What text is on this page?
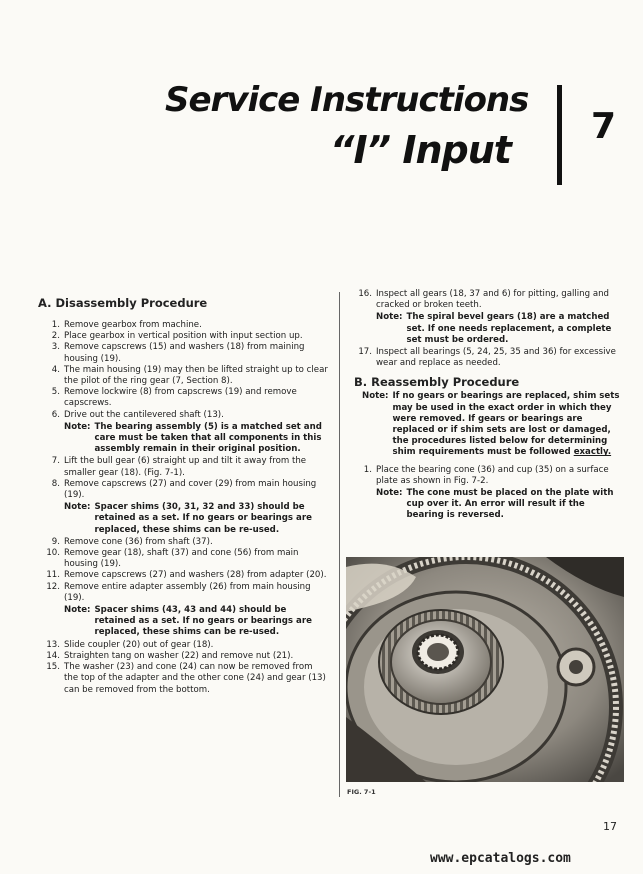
Service Instructions
“I” Input
7
A. Disassembly Procedure
1. Remove gearbox from machine.
2. Place gearbox in vertical position with input section up.
3. Remove capscrews (15) and washers (18) from maining housing (19).
4. The main housing (19) may then be lifted straight up to clear the pilot of the ring gear (7, Section 8).
5. Remove lockwire (8) from capscrews (19) and remove capscrews.
6. Drive out the cantilevered shaft (13).
Note: The bearing assembly (5) is a matched set and care must be taken that all components in this assembly remain in their original position.
7. Lift the bull gear (6) straight up and tilt it away from the smaller gear (18). (Fig. 7-1).
8. Remove capscrews (27) and cover (29) from main housing (19).
Note: Spacer shims (30, 31, 32 and 33) should be retained as a set. If no gears or bearings are replaced, these shims can be re-used.
9. Remove cone (36) from shaft (37).
10. Remove gear (18), shaft (37) and cone (56) from main housing (19).
11. Remove capscrews (27) and washers (28) from adapter (20).
12. Remove entire adapter assembly (26) from main housing (19).
Note: Spacer shims (43, 43 and 44) should be retained as a set. If no gears or bearings are replaced, these shims can be re-used.
13. Slide coupler (20) out of gear (18).
14. Straighten tang on washer (22) and remove nut (21).
15. The washer (23) and cone (24) can now be removed from the top of the adapter and the other cone (24) and gear (13) can be removed from the bottom.
16. Inspect all gears (18, 37 and 6) for pitting, galling and cracked or broken teeth.
Note: The spiral bevel gears (18) are a matched set. If one needs replacement, a complete set must be ordered.
17. Inspect all bearings (5, 24, 25, 35 and 36) for excessive wear and replace as needed.
B. Reassembly Procedure
Note: If no gears or bearings are replaced, shim sets may be used in the exact order in which they were removed. If gears or bearings are replaced or if shim sets are lost or damaged, the procedures listed below for determining shim requirements must be followed exactly.
1. Place the bearing cone (36) and cup (35) on a surface plate as shown in Fig. 7-2.
Note: The cone must be placed on the plate with cup over it. An error will result if the bearing is reversed.
FIG. 7-1
17
www.epcatalogs.com
